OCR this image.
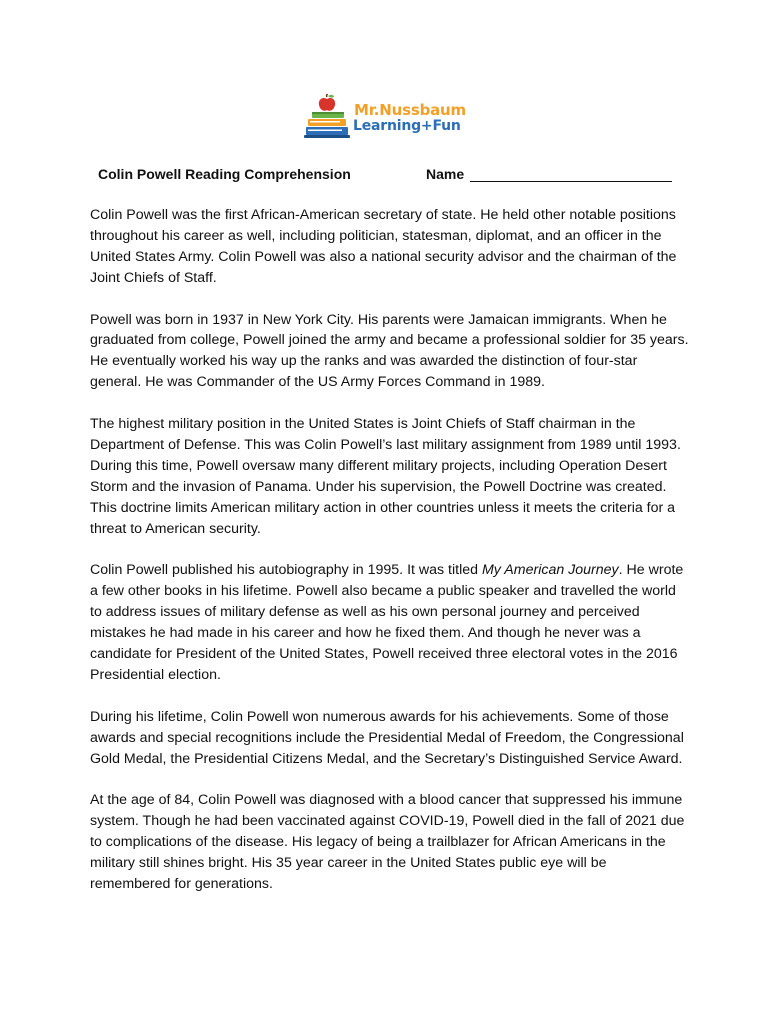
Mr.Nussbaum
Learning+Fun
Colin Powell Reading Comprehension	Name

Colin Powell was the first African-American secretary of state. He held other notable positions throughout his career as well, including politician, statesman, diplomat, and an officer in the United States Army. Colin Powell was also a national security advisor and the chairman of the Joint Chiefs of Staff.

Powell was born in 1937 in New York City. His parents were Jamaican immigrants. When he graduated from college, Powell joined the army and became a professional soldier for 35 years. He eventually worked his way up the ranks and was awarded the distinction of four-star general. He was Commander of the US Army Forces Command in 1989.

The highest military position in the United States is Joint Chiefs of Staff chairman in the Department of Defense. This was Colin Powell’s last military assignment from 1989 until 1993. During this time, Powell oversaw many different military projects, including Operation Desert Storm and the invasion of Panama. Under his supervision, the Powell Doctrine was created. This doctrine limits American military action in other countries unless it meets the criteria for a threat to American security.

Colin Powell published his autobiography in 1995. It was titled My American Journey. He wrote a few other books in his lifetime. Powell also became a public speaker and travelled the world to address issues of military defense as well as his own personal journey and perceived mistakes he had made in his career and how he fixed them. And though he never was a candidate for President of the United States, Powell received three electoral votes in the 2016 Presidential election.

During his lifetime, Colin Powell won numerous awards for his achievements. Some of those awards and special recognitions include the Presidential Medal of Freedom, the Congressional Gold Medal, the Presidential Citizens Medal, and the Secretary’s Distinguished Service Award.

At the age of 84, Colin Powell was diagnosed with a blood cancer that suppressed his immune system. Though he had been vaccinated against COVID-19, Powell died in the fall of 2021 due to complications of the disease. His legacy of being a trailblazer for African Americans in the military still shines bright. His 35 year career in the United States public eye will be remembered for generations.
